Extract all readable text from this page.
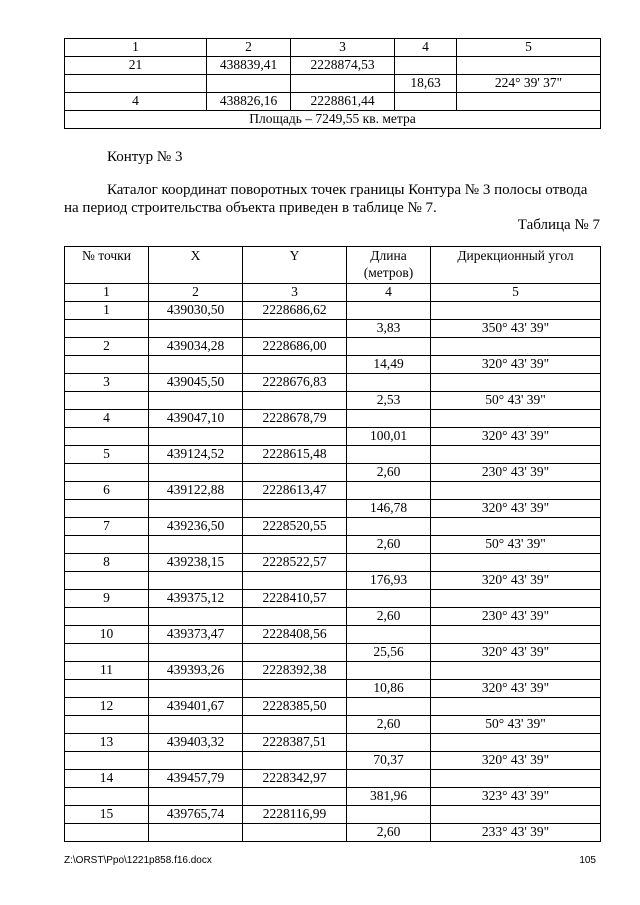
1	2	3	4	5
21	438839,41	2228874,53		
			18,63	224° 39' 37"
4	438826,16	2228861,44		
Площадь – 7249,55 кв. метра				
Контур № 3
Каталог координат поворотных точек границы Контура № 3 полосы отвода
на период строительства объекта приведен в таблице № 7.
Таблица № 7
№ точки	X	Y	Длина (метров)	Дирекционный угол
1	2	3	4	5
1	439030,50	2228686,62		
			3,83	350° 43' 39"
2	439034,28	2228686,00		
			14,49	320° 43' 39"
3	439045,50	2228676,83		
			2,53	50° 43' 39"
4	439047,10	2228678,79		
			100,01	320° 43' 39"
5	439124,52	2228615,48		
			2,60	230° 43' 39"
6	439122,88	2228613,47		
			146,78	320° 43' 39"
7	439236,50	2228520,55		
			2,60	50° 43' 39"
8	439238,15	2228522,57		
			176,93	320° 43' 39"
9	439375,12	2228410,57		
			2,60	230° 43' 39"
10	439373,47	2228408,56		
			25,56	320° 43' 39"
11	439393,26	2228392,38		
			10,86	320° 43' 39"
12	439401,67	2228385,50		
			2,60	50° 43' 39"
13	439403,32	2228387,51		
			70,37	320° 43' 39"
14	439457,79	2228342,97		
			381,96	323° 43' 39"
15	439765,74	2228116,99		
			2,60	233° 43' 39"
Z:\ORST\Ppo\1221p858.f16.docx	105
